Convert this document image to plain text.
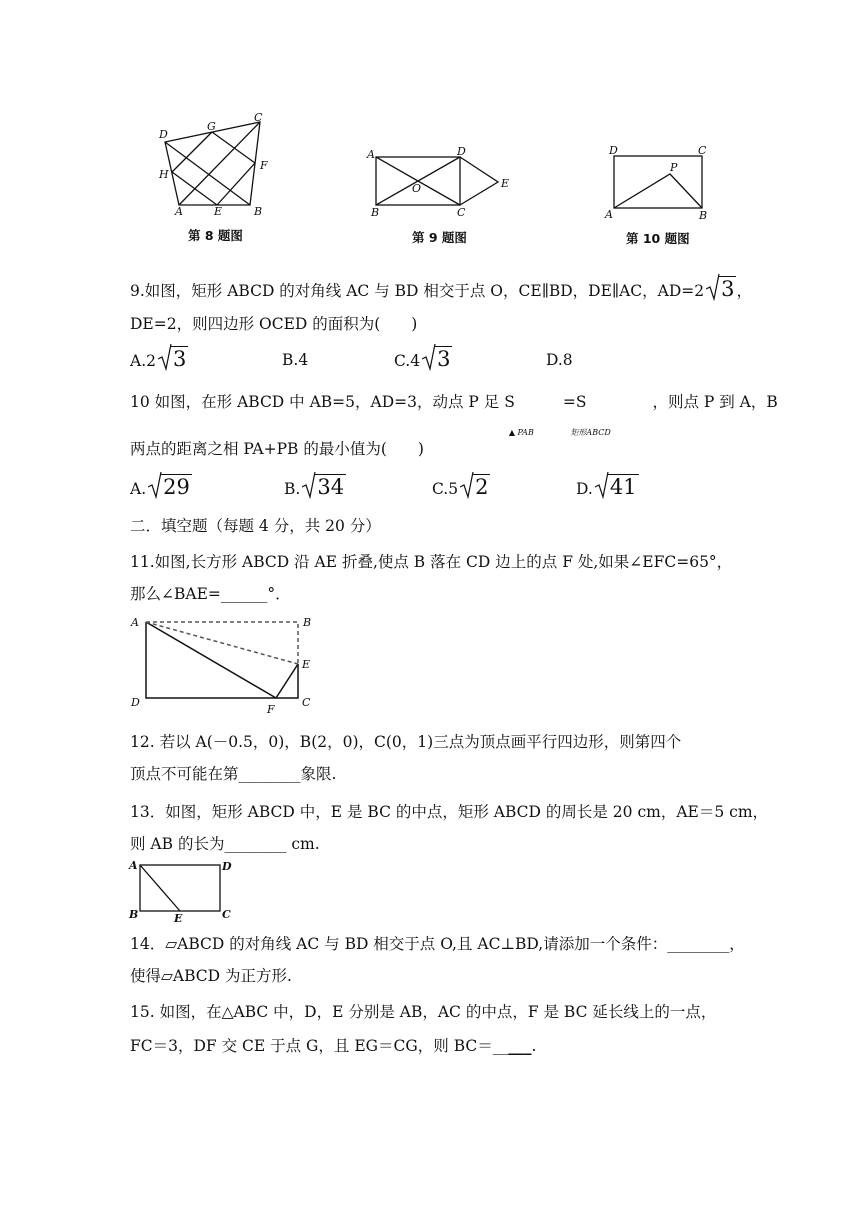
D
G
C
H
F
A	E	B
第 8 题图
A	D
O	E
B	C
第 9 题图
D	C
P
A	B
第 10 题图
9.如图，矩形 ABCD 的对角线 AC 与 BD 相交于点 O，CE∥BD，DE∥AC，AD=2 3 ，
DE=2，则四边形 OCED 的面积为(　　)
A.2 3	B.4	C.4 3	D.8
10 如图，在形 ABCD 中 AB=5，AD=3，动点 P 足 S
▲ PAB
=S
矩形ABCD
，则点 P 到 A，B
两点的距离之相 PA+PB 的最小值为(　　)
A. 29	B. 34	C.5 2	D. 41
二．填空题（每题 4 分，共 20 分）
11.如图,长方形 ABCD 沿 AE 折叠,使点 B 落在 CD 边上的点 F 处,如果∠EFC=65°，
那么∠BAE=______°．
A	B
E
D
F
C
12. 若以 A(－0.5，0)，B(2，0)，C(0，1)三点为顶点画平行四边形，则第四个
顶点不可能在第________象限.
13．如图，矩形 ABCD 中，E 是 BC 的中点，矩形 ABCD 的周长是 20 cm，AE＝5 cm，
则 AB 的长为________ cm.
A	D
B	E	C
14．▱ABCD 的对角线 AC 与 BD 相交于点 O,且 AC⊥BD,请添加一个条件：________，
使得▱ABCD 为正方形.
15. 如图，在△ABC 中，D，E 分别是 AB，AC 的中点，F 是 BC 延长线上的一点，
FC＝3，DF 交 CE 于点 G，且 EG＝CG，则 BC＝_____.
